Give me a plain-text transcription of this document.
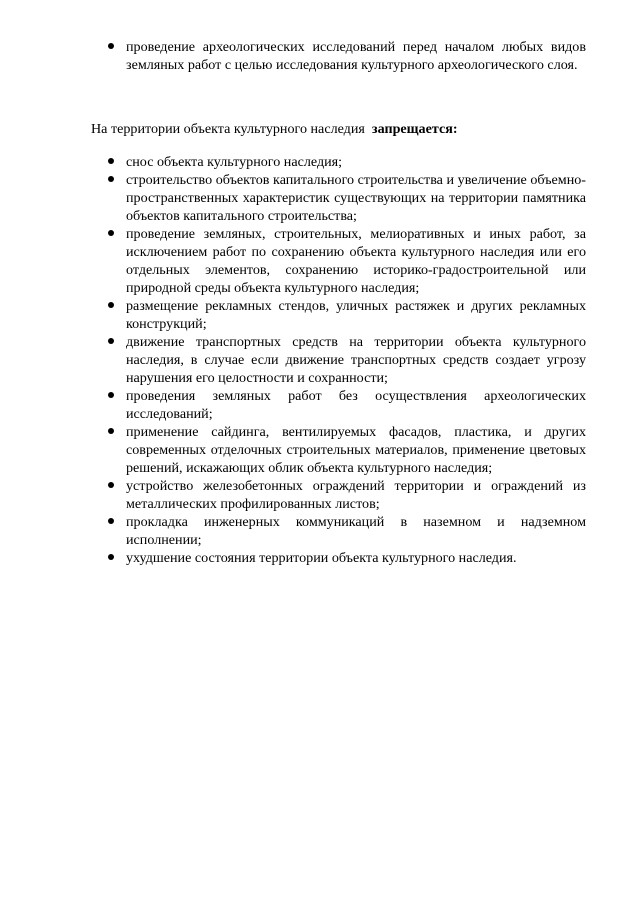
проведение археологических исследований перед началом любых видов земляных работ с целью исследования культурного археологического слоя.

На территории объекта культурного наследия запрещается:

снос объекта культурного наследия;
строительство объектов капитального строительства и увеличение объемно-пространственных характеристик существующих на территории памятника объектов капитального строительства;
проведение земляных, строительных, мелиоративных и иных работ, за исключением работ по сохранению объекта культурного наследия или его отдельных элементов, сохранению историко-градостроительной или природной среды объекта культурного наследия;
размещение рекламных стендов, уличных растяжек и других рекламных конструкций;
движение транспортных средств на территории объекта культурного наследия, в случае если движение транспортных средств создает угрозу нарушения его целостности и сохранности;
проведения земляных работ без осуществления археологических исследований;
применение сайдинга, вентилируемых фасадов, пластика, и других современных отделочных строительных материалов, применение цветовых решений, искажающих облик объекта культурного наследия;
устройство железобетонных ограждений территории и ограждений из металлических профилированных листов;
прокладка инженерных коммуникаций в наземном и надземном исполнении;
ухудшение состояния территории объекта культурного наследия.
